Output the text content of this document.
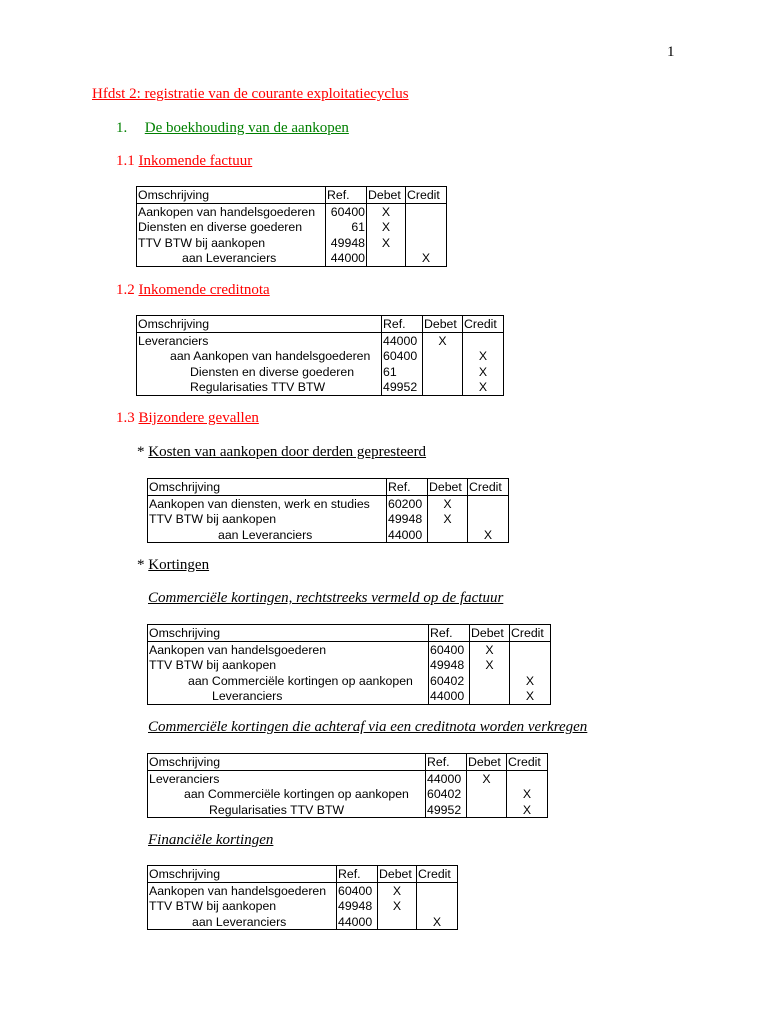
1
Hfdst 2: registratie van de courante exploitatiecyclus
1. De boekhouding van de aankopen
1.1 Inkomende factuur
Omschrijving	Ref.	Debet	Credit
Aankopen van handelsgoederen	60400	X	
Diensten en diverse goederen	61	X	
TTV BTW bij aankopen	49948	X	
aan Leveranciers	44000		X
1.2 Inkomende creditnota
Omschrijving	Ref.	Debet	Credit
Leveranciers	44000	X	
aan Aankopen van handelsgoederen	60400		X
Diensten en diverse goederen	61		X
Regularisaties TTV BTW	49952		X
1.3 Bijzondere gevallen
* Kosten van aankopen door derden gepresteerd
Omschrijving	Ref.	Debet	Credit
Aankopen van diensten, werk en studies	60200	X	
TTV BTW bij aankopen	49948	X	
aan Leveranciers	44000		X
* Kortingen
Commerciële kortingen, rechtstreeks vermeld op de factuur
Omschrijving	Ref.	Debet	Credit
Aankopen van handelsgoederen	60400	X	
TTV BTW bij aankopen	49948	X	
aan Commerciële kortingen op aankopen	60402		X
Leveranciers	44000		X
Commerciële kortingen die achteraf via een creditnota worden verkregen
Omschrijving	Ref.	Debet	Credit
Leveranciers	44000	X	
aan Commerciële kortingen op aankopen	60402		X
Regularisaties TTV BTW	49952		X
Financiële kortingen
Omschrijving	Ref.	Debet	Credit
Aankopen van handelsgoederen	60400	X	
TTV BTW bij aankopen	49948	X	
aan Leveranciers	44000		X
